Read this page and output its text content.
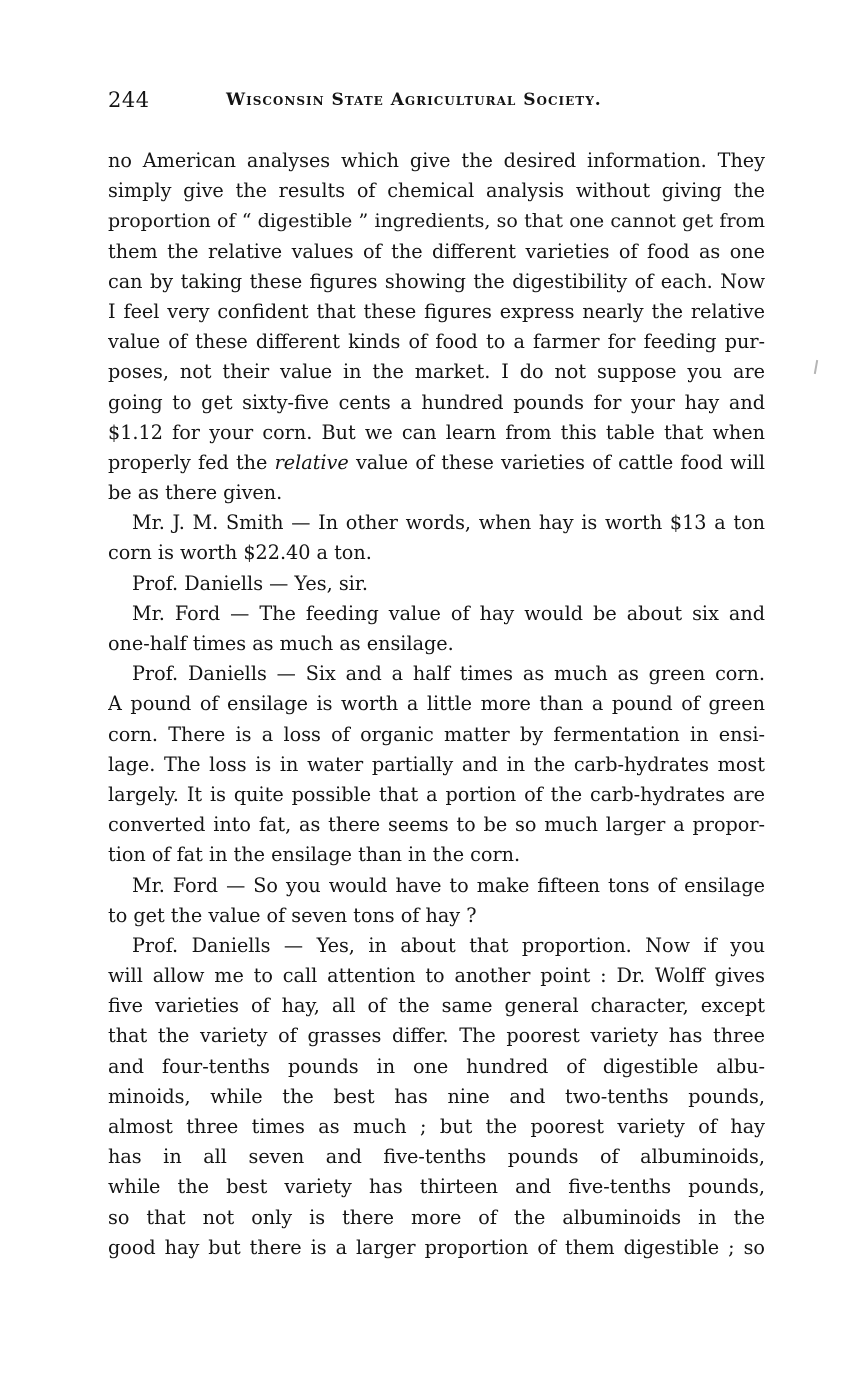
244	Wisconsin State Agricultural Society.
no American analyses which give the desired information. They
simply give the results of chemical analysis without giving the
proportion of “ digestible ” ingredients, so that one cannot get from
them the relative values of the different varieties of food as one
can by taking these figures showing the digestibility of each. Now
I feel very confident that these figures express nearly the relative
value of these different kinds of food to a farmer for feeding pur-
poses, not their value in the market. I do not suppose you are
going to get sixty-five cents a hundred pounds for your hay and
$1.12 for your corn. But we can learn from this table that when
properly fed the relative value of these varieties of cattle food will
be as there given.
Mr. J. M. Smith — In other words, when hay is worth $13 a ton
corn is worth $22.40 a ton.
Prof. Daniells — Yes, sir.
Mr. Ford — The feeding value of hay would be about six and
one-half times as much as ensilage.
Prof. Daniells — Six and a half times as much as green corn.
A pound of ensilage is worth a little more than a pound of green
corn. There is a loss of organic matter by fermentation in ensi-
lage. The loss is in water partially and in the carb-hydrates most
largely. It is quite possible that a portion of the carb-hydrates are
converted into fat, as there seems to be so much larger a propor-
tion of fat in the ensilage than in the corn.
Mr. Ford — So you would have to make fifteen tons of ensilage
to get the value of seven tons of hay ?
Prof. Daniells — Yes, in about that proportion. Now if you
will allow me to call attention to another point : Dr. Wolff gives
five varieties of hay, all of the same general character, except
that the variety of grasses differ. The poorest variety has three
and four-tenths pounds in one hundred of digestible albu-
minoids, while the best has nine and two-tenths pounds,
almost three times as much ; but the poorest variety of hay
has in all seven and five-tenths pounds of albuminoids,
while the best variety has thirteen and five-tenths pounds,
so that not only is there more of the albuminoids in the
good hay but there is a larger proportion of them digestible ; so
